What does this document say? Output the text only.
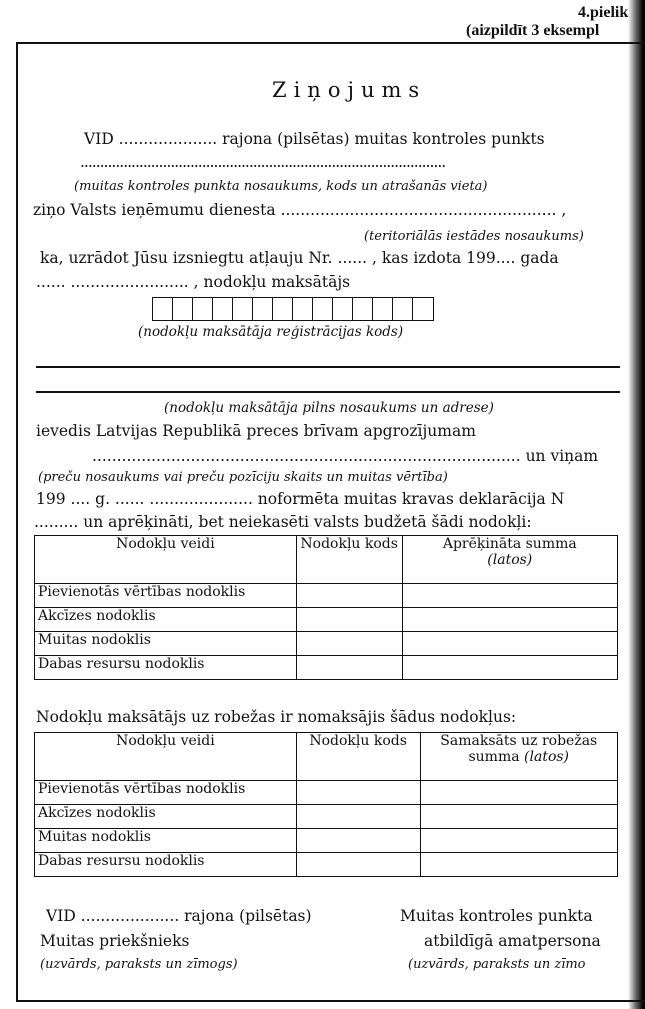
4.pielik
(aizpildīt 3 eksempl
Ziņojums
VID .................... rajona (pilsētas) muitas kontroles punkts
.............................................................................................
(muitas kontroles punkta nosaukums, kods un atrašanās vieta)
ziņo Valsts ieņēmumu dienesta ........................................................ ,
(teritoriālās iestādes nosaukums)
ka, uzrādot Jūsu izsniegtu atļauju Nr. ...... , kas izdota 199.... gada
...... ........................ , nodokļu maksātājs
(nodokļu maksātāja reģistrācijas kods)
(nodokļu maksātāja pilns nosaukums un adrese)
ievedis Latvijas Republikā preces brīvam apgrozījumam
....................................................................................... un viņam
(preču nosaukums vai preču pozīciju skaits un muitas vērtība)
199 .... g. ...... ..................... noformēta muitas kravas deklarācija N
......... un aprēķināti, bet neiekasēti valsts budžetā šādi nodokļi:
Nodokļu veidi	Nodokļu kods	Aprēķināta summa
(latos)

Pievienotās vērtības nodoklis		
Akcīzes nodoklis		
Muitas nodoklis		
Dabas resursu nodoklis		
Nodokļu maksātājs uz robežas ir nomaksājis šādus nodokļus:
Nodokļu veidi	Nodokļu kods	Samaksāts uz robežas
summa (latos)

Pievienotās vērtības nodoklis		
Akcīzes nodoklis		
Muitas nodoklis		
Dabas resursu nodoklis		
VID .................... rajona (pilsētas)
Muitas priekšnieks
(uzvārds, paraksts un zīmogs)
Muitas kontroles punkta
atbildīgā amatpersona
(uzvārds, paraksts un zīmo
